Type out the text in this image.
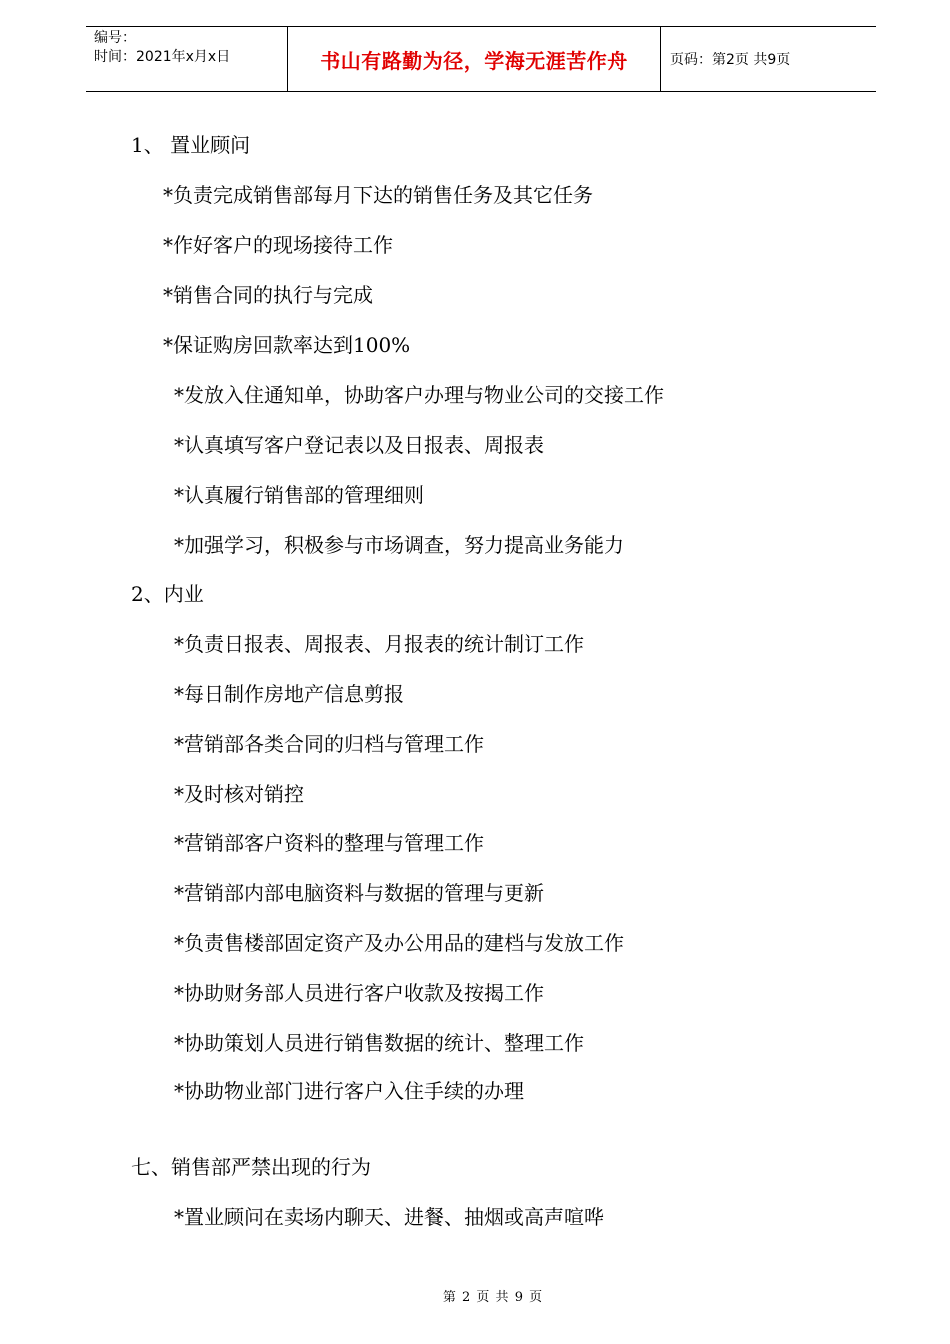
编号：
时间：2021年x月x日	书山有路勤为径，学海无涯苦作舟	页码：第2页 共9页
1、 置业顾问
*负责完成销售部每月下达的销售任务及其它任务
*作好客户的现场接待工作
*销售合同的执行与完成
*保证购房回款率达到100%
*发放入住通知单，协助客户办理与物业公司的交接工作
*认真填写客户登记表以及日报表、周报表
*认真履行销售部的管理细则
*加强学习，积极参与市场调查，努力提高业务能力
2、内业
*负责日报表、周报表、月报表的统计制订工作
*每日制作房地产信息剪报
*营销部各类合同的归档与管理工作
*及时核对销控
*营销部客户资料的整理与管理工作
*营销部内部电脑资料与数据的管理与更新
*负责售楼部固定资产及办公用品的建档与发放工作
*协助财务部人员进行客户收款及按揭工作
*协助策划人员进行销售数据的统计、整理工作
*协助物业部门进行客户入住手续的办理
七、销售部严禁出现的行为
*置业顾问在卖场内聊天、进餐、抽烟或高声喧哗
第 2 页 共 9 页
